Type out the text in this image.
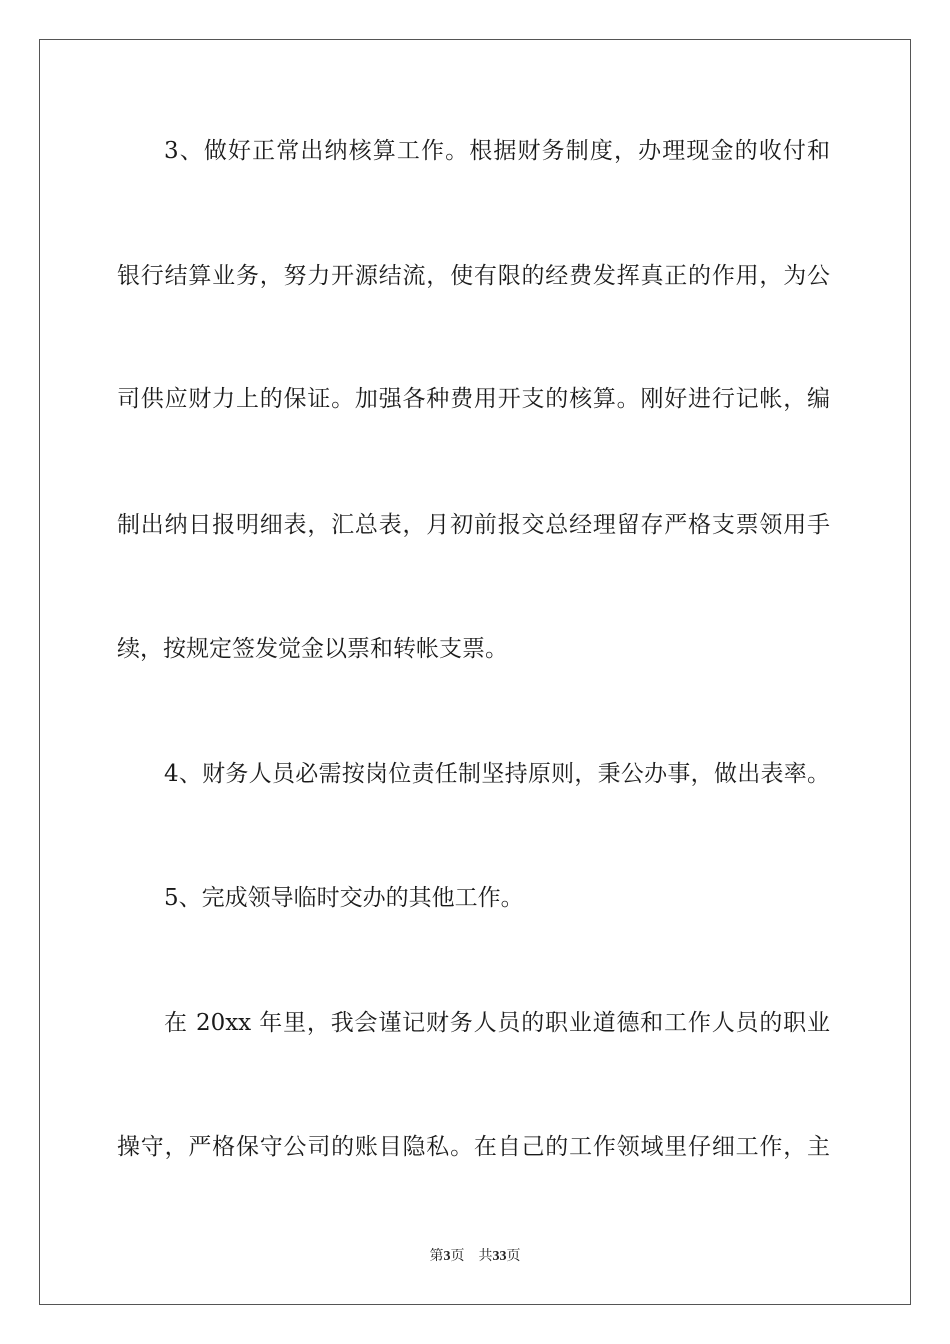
3、做好正常出纳核算工作。根据财务制度，办理现金的收付和
银行结算业务，努力开源结流，使有限的经费发挥真正的作用，为公
司供应财力上的保证。加强各种费用开支的核算。刚好进行记帐，编
制出纳日报明细表，汇总表，月初前报交总经理留存严格支票领用手
续，按规定签发觉金以票和转帐支票。
4、财务人员必需按岗位责任制坚持原则，秉公办事，做出表率。
5、完成领导临时交办的其他工作。
在 20xx 年里，我会谨记财务人员的职业道德和工作人员的职业
操守，严格保守公司的账目隐私。在自己的工作领域里仔细工作，主
第3页　共33页
